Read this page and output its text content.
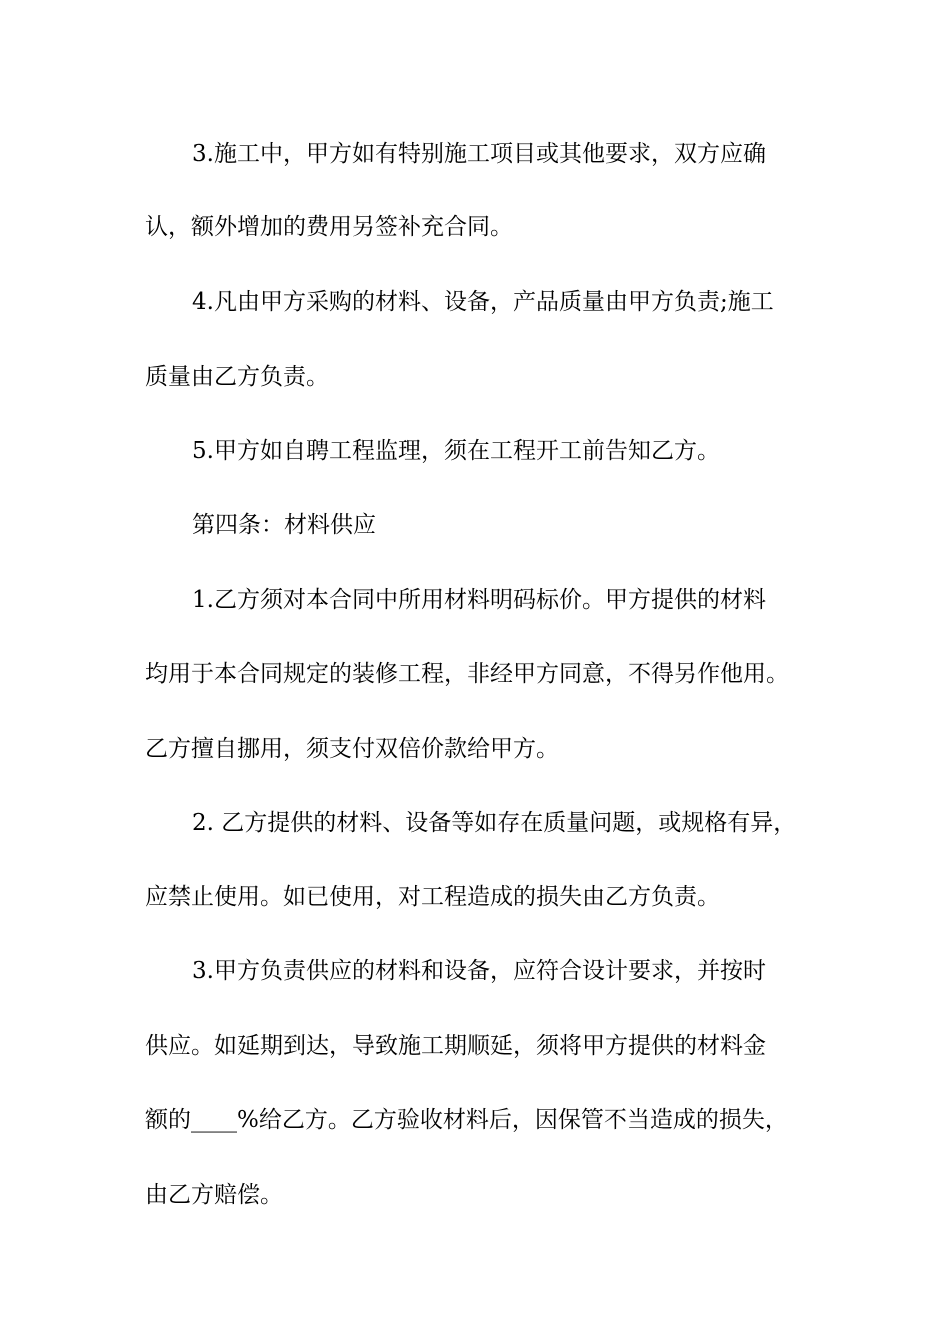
3.施工中，甲方如有特别施工项目或其他要求，双方应确
认，额外增加的费用另签补充合同。
4.凡由甲方采购的材料、设备，产品质量由甲方负责;施工
质量由乙方负责。
5.甲方如自聘工程监理，须在工程开工前告知乙方。
第四条：材料供应
1.乙方须对本合同中所用材料明码标价。甲方提供的材料
均用于本合同规定的装修工程，非经甲方同意，不得另作他用。
乙方擅自挪用，须支付双倍价款给甲方。
2. 乙方提供的材料、设备等如存在质量问题，或规格有异，
应禁止使用。如已使用，对工程造成的损失由乙方负责。
3.甲方负责供应的材料和设备，应符合设计要求，并按时
供应。如延期到达，导致施工期顺延，须将甲方提供的材料金
额的____%给乙方。乙方验收材料后，因保管不当造成的损失，
由乙方赔偿。
